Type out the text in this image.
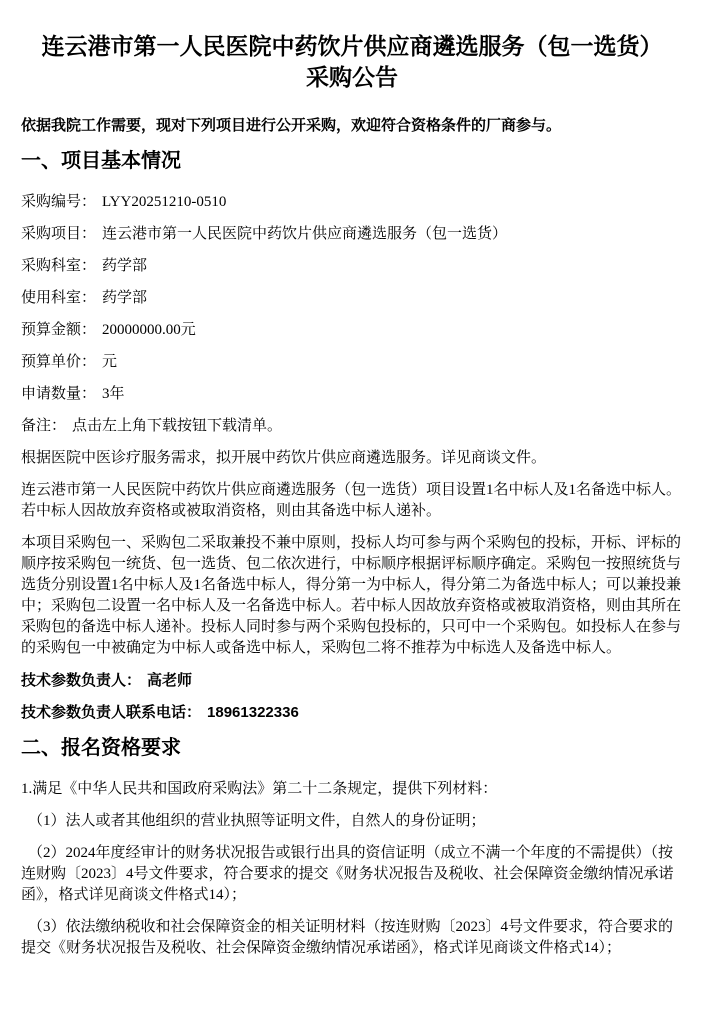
连云港市第一人民医院中药饮片供应商遴选服务（包一选货）采购公告

依据我院工作需要，现对下列项目进行公开采购，欢迎符合资格条件的厂商参与。

一、项目基本情况

采购编号： LYY20251210-0510

采购项目： 连云港市第一人民医院中药饮片供应商遴选服务（包一选货）

采购科室： 药学部

使用科室： 药学部

预算金额： 20000000.00元

预算单价： 元

申请数量： 3年

备注： 点击左上角下载按钮下载清单。

根据医院中医诊疗服务需求，拟开展中药饮片供应商遴选服务。详见商谈文件。

连云港市第一人民医院中药饮片供应商遴选服务（包一选货）项目设置1名中标人及1名备选中标人。若中标人因故放弃资格或被取消资格，则由其备选中标人递补。

本项目采购包一、采购包二采取兼投不兼中原则，投标人均可参与两个采购包的投标，开标、评标的顺序按采购包一统货、包一选货、包二依次进行，中标顺序根据评标顺序确定。采购包一按照统货与选货分别设置1名中标人及1名备选中标人，得分第一为中标人，得分第二为备选中标人；可以兼投兼中；采购包二设置一名中标人及一名备选中标人。若中标人因故放弃资格或被取消资格，则由其所在采购包的备选中标人递补。投标人同时参与两个采购包投标的，只可中一个采购包。如投标人在参与的采购包一中被确定为中标人或备选中标人，采购包二将不推荐为中标选人及备选中标人。

技术参数负责人： 高老师

技术参数负责人联系电话： 18961322336

二、报名资格要求

1.满足《中华人民共和国政府采购法》第二十二条规定，提供下列材料：

（1）法人或者其他组织的营业执照等证明文件，自然人的身份证明；

（2）2024年度经审计的财务状况报告或银行出具的资信证明（成立不满一个年度的不需提供）（按连财购〔2023〕4号文件要求，符合要求的提交《财务状况报告及税收、社会保障资金缴纳情况承诺函》，格式详见商谈文件格式14）；

（3）依法缴纳税收和社会保障资金的相关证明材料（按连财购〔2023〕4号文件要求，符合要求的提交《财务状况报告及税收、社会保障资金缴纳情况承诺函》，格式详见商谈文件格式14）；
